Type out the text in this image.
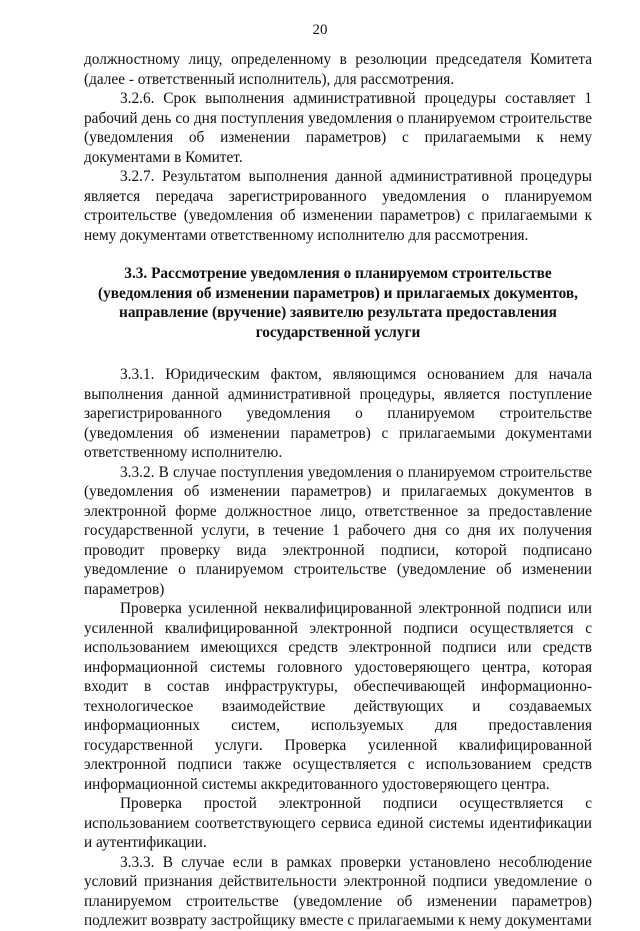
20

должностному лицу, определенному в резолюции председателя Комитета (далее - ответственный исполнитель), для рассмотрения.

3.2.6. Срок выполнения административной процедуры составляет 1 рабочий день со дня поступления уведомления о планируемом строительстве (уведомления об изменении параметров) с прилагаемыми к нему документами в Комитет.

3.2.7. Результатом выполнения данной административной процедуры является передача зарегистрированного уведомления о планируемом строительстве (уведомления об изменении параметров) с прилагаемыми к нему документами ответственному исполнителю для рассмотрения.

3.3. Рассмотрение уведомления о планируемом строительстве
(уведомления об изменении параметров) и прилагаемых документов,
направление (вручение) заявителю результата предоставления
государственной услуги

3.3.1. Юридическим фактом, являющимся основанием для начала выполнения данной административной процедуры, является поступление зарегистрированного уведомления о планируемом строительстве (уведомления об изменении параметров) с прилагаемыми документами ответственному исполнителю.

3.3.2. В случае поступления уведомления о планируемом строительстве (уведомления об изменении параметров) и прилагаемых документов в электронной форме должностное лицо, ответственное за предоставление государственной услуги, в течение 1 рабочего дня со дня их получения проводит проверку вида электронной подписи, которой подписано уведомление о планируемом строительстве (уведомление об изменении параметров)

Проверка усиленной неквалифицированной электронной подписи или усиленной квалифицированной электронной подписи осуществляется с использованием имеющихся средств электронной подписи или средств информационной системы головного удостоверяющего центра, которая входит в состав инфраструктуры, обеспечивающей информационно-технологическое взаимодействие действующих и создаваемых информационных систем, используемых для предоставления государственной услуги. Проверка усиленной квалифицированной электронной подписи также осуществляется с использованием средств информационной системы аккредитованного удостоверяющего центра.

Проверка простой электронной подписи осуществляется с использованием соответствующего сервиса единой системы идентификации и аутентификации.

3.3.3. В случае если в рамках проверки установлено несоблюдение условий признания действительности электронной подписи уведомление о планируемом строительстве (уведомление об изменении параметров) подлежит возврату застройщику вместе с прилагаемыми к нему документами
